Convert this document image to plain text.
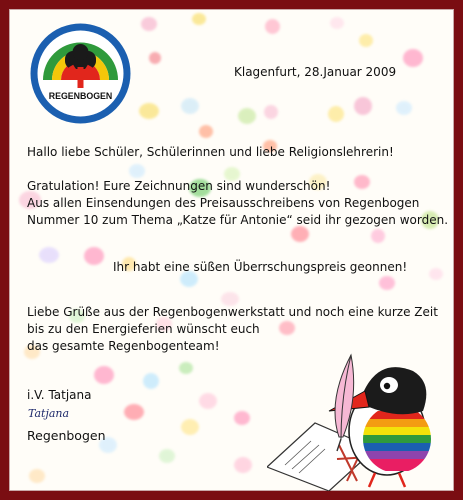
REGENBOGEN
Klagenfurt, 28.Januar 2009
Hallo liebe Schüler, Schülerinnen und liebe Religionslehrerin!
Gratulation! Eure Zeichnungen sind wunderschön!
Aus allen Einsendungen des Preisausschreibens von Regenbogen
Nummer 10 zum Thema „Katze für Antonie“ seid ihr gezogen worden.
Ihr habt eine süßen Überrschungspreis geonnen!
Liebe Grüße aus der Regenbogenwerkstatt und noch eine kurze Zeit
bis zu den Energieferien wünscht euch
das gesamte Regenbogenteam!
i.V. Tatjana
Tatjana
Regenbogen
